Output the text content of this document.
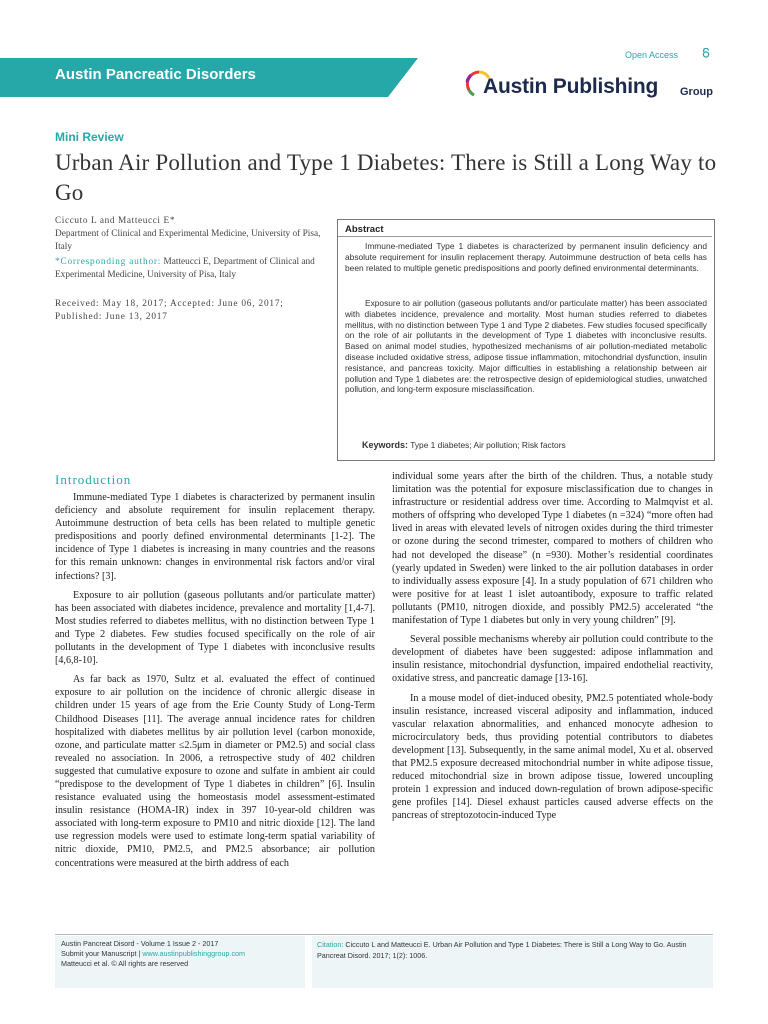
Open Access
Austin Pancreatic Disorders
Austin Publishing Group
Mini Review
Urban Air Pollution and Type 1 Diabetes: There is Still a Long Way to Go
Ciccuto L and Matteucci E*
Department of Clinical and Experimental Medicine, University of Pisa, Italy
*Corresponding author: Matteucci E, Department of Clinical and Experimental Medicine, University of Pisa, Italy
Received: May 18, 2017; Accepted: June 06, 2017;
Published: June 13, 2017
Abstract
Immune-mediated Type 1 diabetes is characterized by permanent insulin deficiency and absolute requirement for insulin replacement therapy. Autoimmune destruction of beta cells has been related to multiple genetic predispositions and poorly defined environmental determinants.
Exposure to air pollution (gaseous pollutants and/or particulate matter) has been associated with diabetes incidence, prevalence and mortality. Most human studies referred to diabetes mellitus, with no distinction between Type 1 and Type 2 diabetes. Few studies focused specifically on the role of air pollutants in the development of Type 1 diabetes with inconclusive results. Based on animal model studies, hypothesized mechanisms of air pollution-mediated metabolic disease included oxidative stress, adipose tissue inflammation, mitochondrial dysfunction, insulin resistance, and pancreas toxicity. Major difficulties in establishing a relationship between air pollution and Type 1 diabetes are: the retrospective design of epidemiological studies, unwatched pollution, and long-term exposure misclassification.
Keywords: Type 1 diabetes; Air pollution; Risk factors
Introduction

Immune-mediated Type 1 diabetes is characterized by permanent insulin deficiency and absolute requirement for insulin replacement therapy. Autoimmune destruction of beta cells has been related to multiple genetic predispositions and poorly defined environmental determinants [1-2]. The incidence of Type 1 diabetes is increasing in many countries and the reasons for this remain unknown: changes in environmental risk factors and/or viral infections? [3].

Exposure to air pollution (gaseous pollutants and/or particulate matter) has been associated with diabetes incidence, prevalence and mortality [1,4-7]. Most studies referred to diabetes mellitus, with no distinction between Type 1 and Type 2 diabetes. Few studies focused specifically on the role of air pollutants in the development of Type 1 diabetes with inconclusive results [4,6,8-10].

As far back as 1970, Sultz et al. evaluated the effect of continued exposure to air pollution on the incidence of chronic allergic disease in children under 15 years of age from the Erie County Study of Long-Term Childhood Diseases [11]. The average annual incidence rates for children hospitalized with diabetes mellitus by air pollution level (carbon monoxide, ozone, and particulate matter ≤2.5μm in diameter or PM2.5) and social class revealed no association. In 2006, a retrospective study of 402 children suggested that cumulative exposure to ozone and sulfate in ambient air could “predispose to the development of Type 1 diabetes in children” [6]. Insulin resistance evaluated using the homeostasis model assessment-estimated insulin resistance (HOMA-IR) index in 397 10-year-old children was associated with long-term exposure to PM10 and nitric dioxide [12]. The land use regression models were used to estimate long-term spatial variability of nitric dioxide, PM10, PM2.5, and PM2.5 absorbance; air pollution concentrations were measured at the birth address of each

individual some years after the birth of the children. Thus, a notable study limitation was the potential for exposure misclassification due to changes in infrastructure or residential address over time. According to Malmqvist et al. mothers of offspring who developed Type 1 diabetes (n =324) “more often had lived in areas with elevated levels of nitrogen oxides during the third trimester or ozone during the second trimester, compared to mothers of children who had not developed the disease” (n =930). Mother’s residential coordinates (yearly updated in Sweden) were linked to the air pollution databases in order to individually assess exposure [4]. In a study population of 671 children who were positive for at least 1 islet autoantibody, exposure to traffic related pollutants (PM10, nitrogen dioxide, and possibly PM2.5) accelerated “the manifestation of Type 1 diabetes but only in very young children” [9].

Several possible mechanisms whereby air pollution could contribute to the development of diabetes have been suggested: adipose inflammation and insulin resistance, mitochondrial dysfunction, impaired endothelial reactivity, oxidative stress, and pancreatic damage [13-16].

In a mouse model of diet-induced obesity, PM2.5 potentiated whole-body insulin resistance, increased visceral adiposity and inflammation, induced vascular relaxation abnormalities, and enhanced monocyte adhesion to microcirculatory beds, thus providing potential contributors to diabetes development [13]. Subsequently, in the same animal model, Xu et al. observed that PM2.5 exposure decreased mitochondrial number in white adipose tissue, reduced mitochondrial size in brown adipose tissue, lowered uncoupling protein 1 expression and induced down-regulation of brown adipose-specific gene profiles [14]. Diesel exhaust particles caused adverse effects on the pancreas of streptozotocin-induced Type

Austin Pancreat Disord - Volume 1 Issue 2 - 2017
Submit your Manuscript | www.austinpublishinggroup.com
Matteucci et al. © All rights are reserved
Citation: Ciccuto L and Matteucci E. Urban Air Pollution and Type 1 Diabetes: There is Still a Long Way to Go. Austin Pancreat Disord. 2017; 1(2): 1006.
